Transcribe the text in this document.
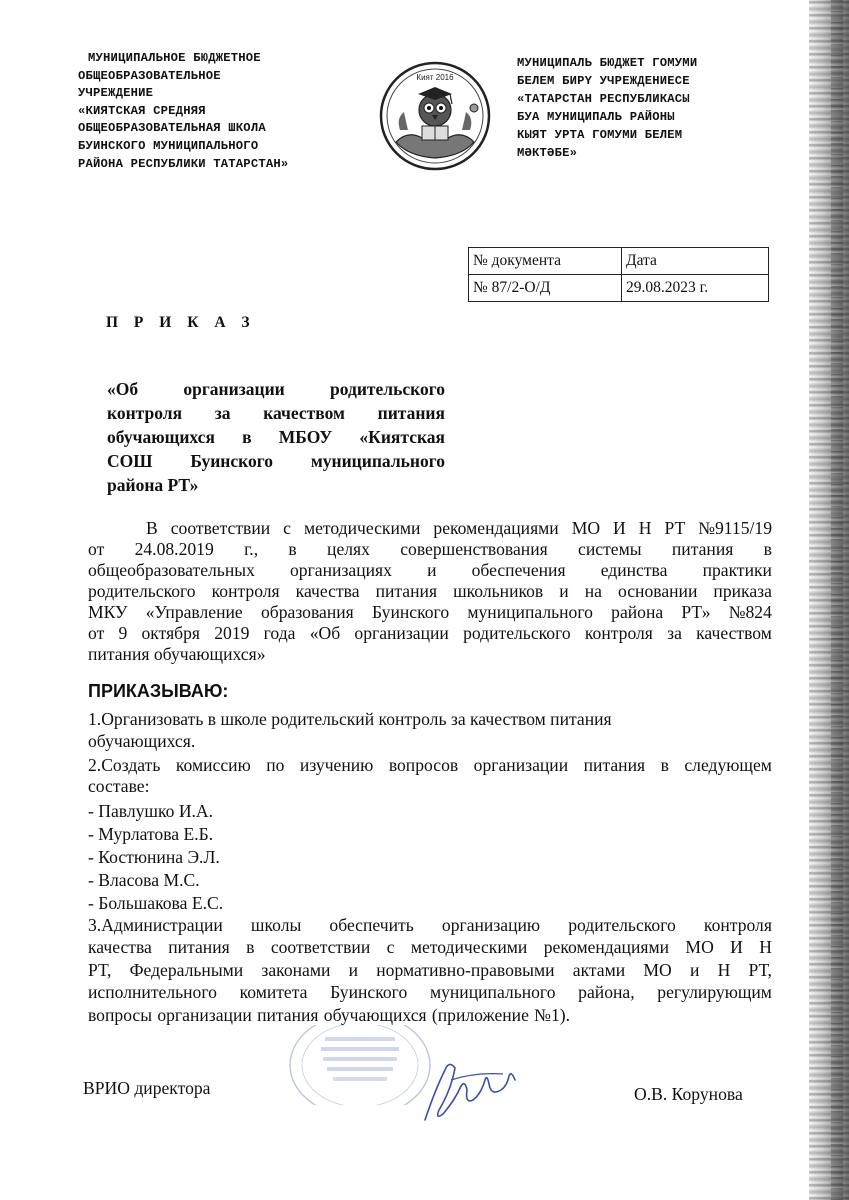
МУНИЦИПАЛЬНОЕ БЮДЖЕТНОЕ
ОБЩЕОБРАЗОВАТЕЛЬНОЕ
УЧРЕЖДЕНИЕ
«КИЯТСКАЯ СРЕДНЯЯ
ОБЩЕОБРАЗОВАТЕЛЬНАЯ ШКОЛА
БУИНСКОГО МУНИЦИПАЛЬНОГО
РАЙОНА РЕСПУБЛИКИ ТАТАРСТАН»
Кият 2016
МУНИЦИПАЛЬ БЮДЖЕТ ГОМУМИ
БЕЛЕМ БИРҮ УЧРЕЖДЕНИЕСЕ
«ТАТАРСТАН РЕСПУБЛИКАСЫ
БУА МУНИЦИПАЛЬ РАЙОНЫ
КЫЯТ УРТА ГОМУМИ БЕЛЕМ
МӘКТӘБЕ»
№ документа	Дата
№ 87/2-О/Д	29.08.2023 г.
П Р И К А З
«Об	организации	родительского
контроля за качеством питания
обучающихся в МБОУ «Киятская
СОШ Буинского муниципального
района РТ»
В соответствии с методическими рекомендациями МО И Н РТ №9115/19
от 24.08.2019 г., в целях совершенствования системы питания в
общеобразовательных организациях и обеспечения единства практики
родительского контроля качества питания школьников и на основании приказа
МКУ «Управление образования Буинского муниципального района РТ» №824
от 9 октября 2019 года «Об организации родительского контроля за качеством
питания обучающихся»
ПРИКАЗЫВАЮ:
1.Организовать в школе родительский контроль за качеством питания
обучающихся.
2.Создать комиссию по изучению вопросов организации питания в следующем
составе:
- Павлушко И.А.
- Мурлатова Е.Б.
- Костюнина Э.Л.
- Власова М.С.
- Большакова Е.С.
3.Администрации школы обеспечить организацию родительского контроля
качества питания в соответствии с методическими рекомендациями МО И Н
РТ, Федеральными законами и нормативно-правовыми актами МО и Н РТ,
исполнительного комитета Буинского муниципального района, регулирующим
вопросы организации питания обучающихся (приложение №1).
ВРИО директора	О.В. Корунова
